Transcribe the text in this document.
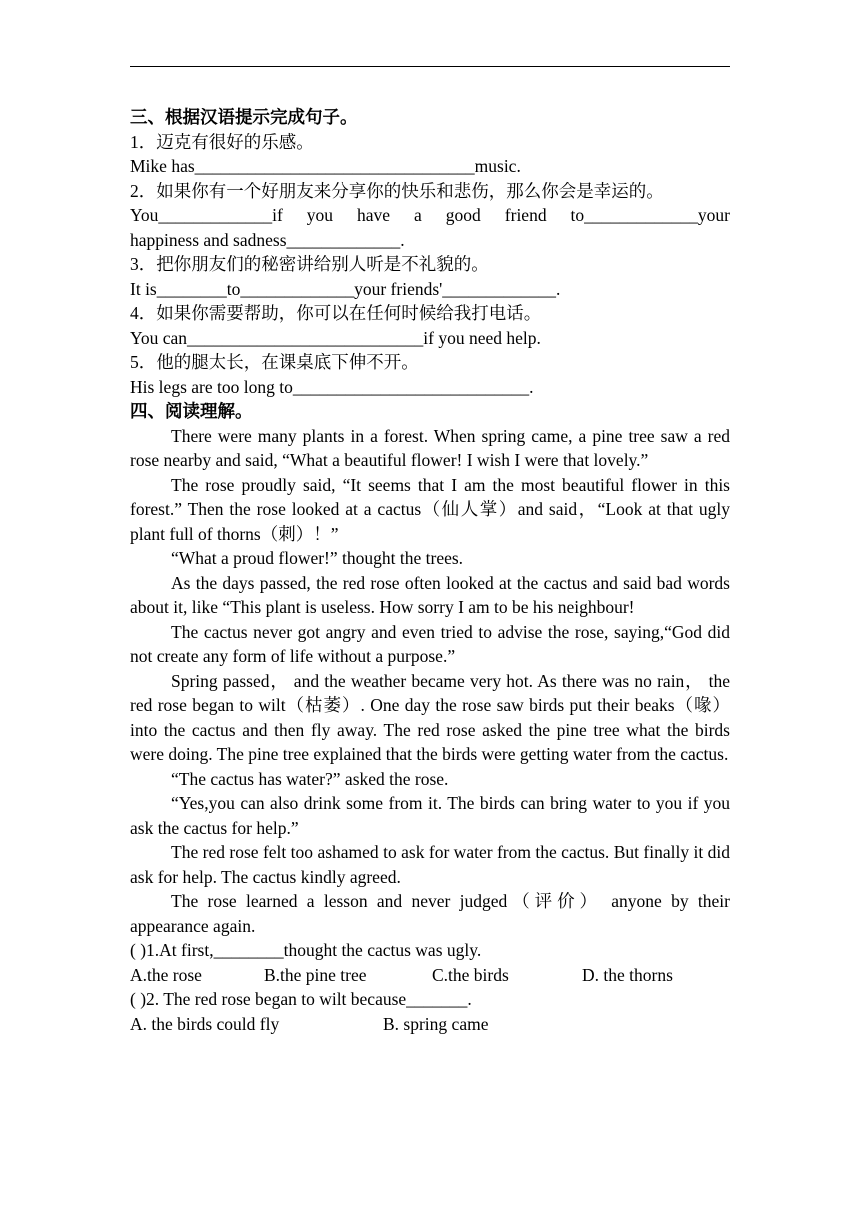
三、根据汉语提示完成句子。
1．迈克有很好的乐感。
Mike has________________________________music.
2．如果你有一个好朋友来分享你的快乐和悲伤，那么你会是幸运的。
You_____________if you have a good friend to_____________your
happiness and sadness_____________.
3．把你朋友们的秘密讲给别人听是不礼貌的。
It is________to_____________your friends'_____________.
4．如果你需要帮助，你可以在任何时候给我打电话。
You can___________________________if you need help.
5．他的腿太长，在课桌底下伸不开。
His legs are too long to___________________________.
四、阅读理解。
There were many plants in a forest. When spring came, a pine tree saw a red rose nearby and said, “What a beautiful flower! I wish I were that lovely.”
The rose proudly said, “It seems that I am the most beautiful flower in this forest.” Then the rose looked at a cactus（仙人掌）and said，“Look at that ugly plant full of thorns（刺）！”
“What a proud flower!” thought the trees.
As the days passed, the red rose often looked at the cactus and said bad words about it, like “This plant is useless. How sorry I am to be his neighbour!
The cactus never got angry and even tried to advise the rose, saying,“God did not create any form of life without a purpose.”
Spring passed， and the weather became very hot. As there was no rain， the red rose began to wilt（枯萎）. One day the rose saw birds put their beaks（喙） into the cactus and then fly away. The red rose asked the pine tree what the birds were doing. The pine tree explained that the birds were getting water from the cactus.
“The cactus has water?” asked the rose.
“Yes,you can also drink some from it. The birds can bring water to you if you ask the cactus for help.”
The red rose felt too ashamed to ask for water from the cactus. But finally it did ask for help. The cactus kindly agreed.
The rose learned a lesson and never judged（评价） anyone by their appearance again.
( )1.At first,________thought the cactus was ugly.
A.the rose	B.the pine tree	C.the birds	D. the thorns
( )2. The red rose began to wilt because_______.
A. the birds could fly	B. spring came
